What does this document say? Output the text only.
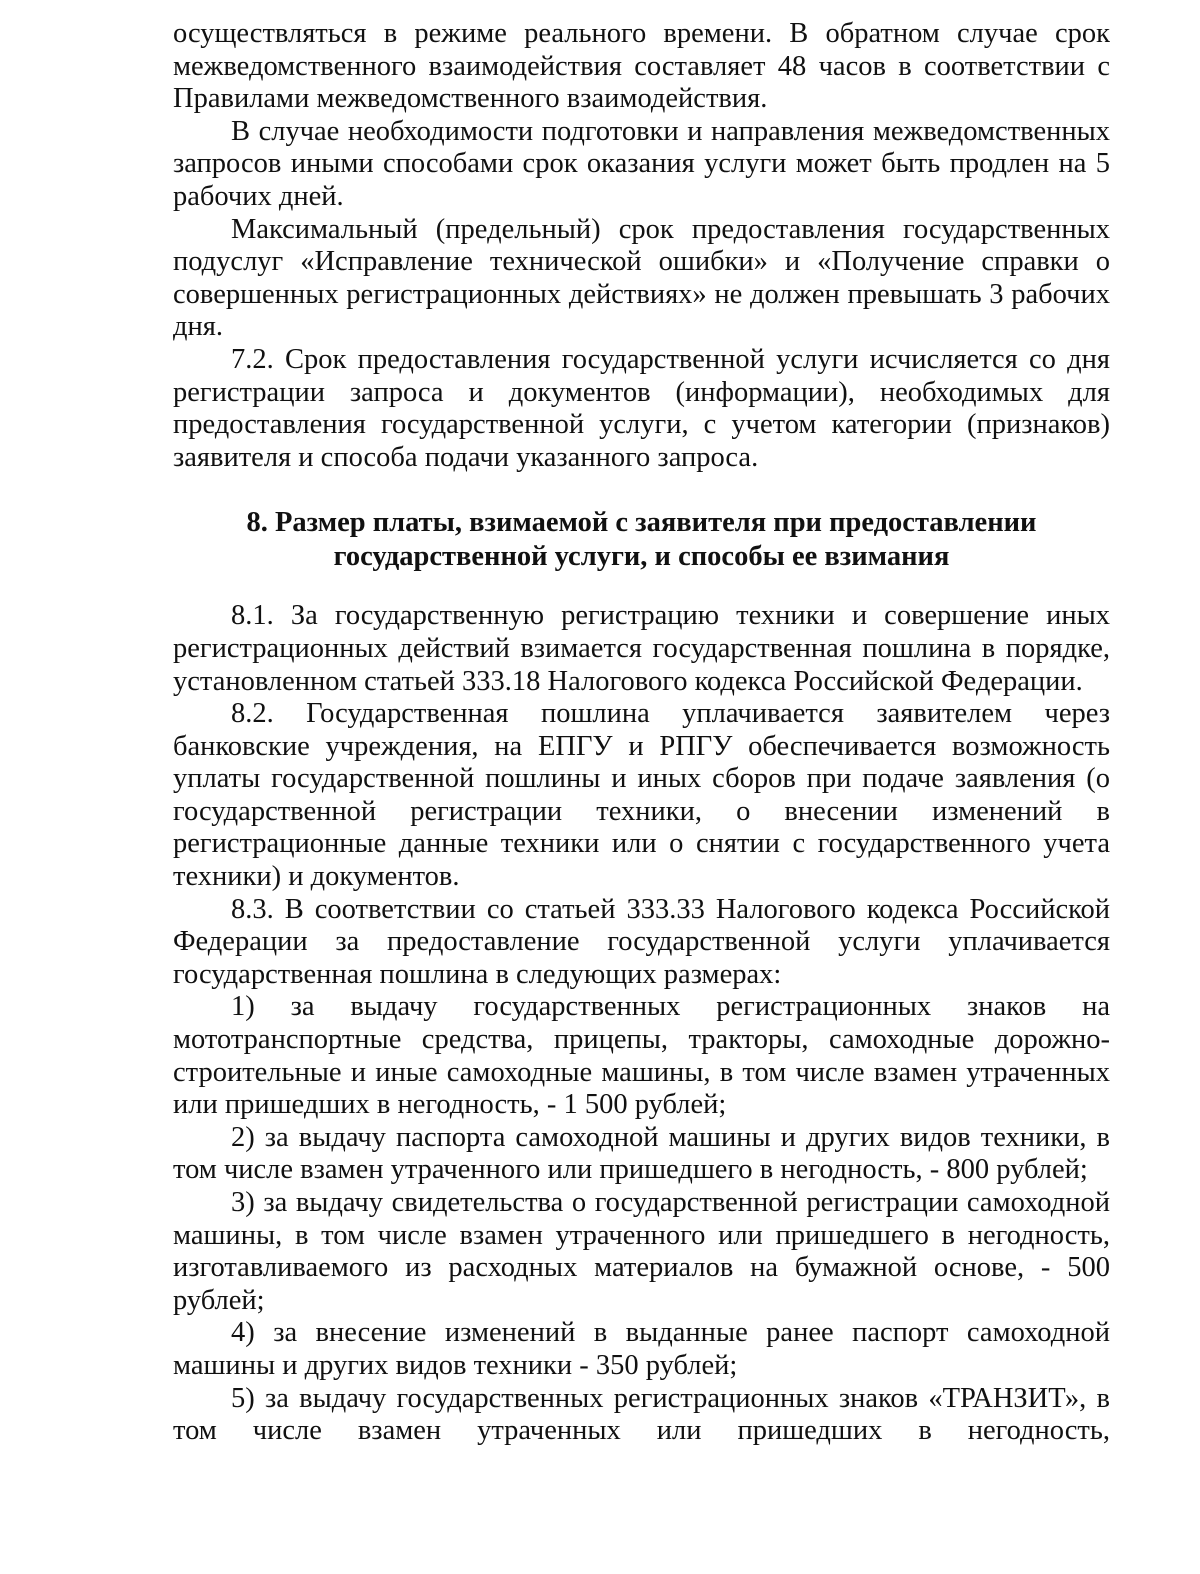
осуществляться в режиме реального времени. В обратном случае срок межведомственного взаимодействия составляет 48 часов в соответствии с Правилами межведомственного взаимодействия.

В случае необходимости подготовки и направления межведомственных запросов иными способами срок оказания услуги может быть продлен на 5 рабочих дней.

Максимальный (предельный) срок предоставления государственных подуслуг «Исправление технической ошибки» и «Получение справки о совершенных регистрационных действиях» не должен превышать 3 рабочих дня.

7.2. Срок предоставления государственной услуги исчисляется со дня регистрации запроса и документов (информации), необходимых для предоставления государственной услуги, с учетом категории (признаков) заявителя и способа подачи указанного запроса.

8. Размер платы, взимаемой с заявителя при предоставлении государственной услуги, и способы ее взимания

8.1. За государственную регистрацию техники и совершение иных регистрационных действий взимается государственная пошлина в порядке, установленном статьей 333.18 Налогового кодекса Российской Федерации.

8.2. Государственная пошлина уплачивается заявителем через банковские учреждения, на ЕПГУ и РПГУ обеспечивается возможность уплаты государственной пошлины и иных сборов при подаче заявления (о государственной регистрации техники, о внесении изменений в регистрационные данные техники или о снятии с государственного учета техники) и документов.

8.3. В соответствии со статьей 333.33 Налогового кодекса Российской Федерации за предоставление государственной услуги уплачивается государственная пошлина в следующих размерах:

1) за выдачу государственных регистрационных знаков на мототранспортные средства, прицепы, тракторы, самоходные дорожно-строительные и иные самоходные машины, в том числе взамен утраченных или пришедших в негодность, - 1 500 рублей;

2) за выдачу паспорта самоходной машины и других видов техники, в том числе взамен утраченного или пришедшего в негодность, - 800 рублей;

3) за выдачу свидетельства о государственной регистрации самоходной машины, в том числе взамен утраченного или пришедшего в негодность, изготавливаемого из расходных материалов на бумажной основе, - 500 рублей;

4) за внесение изменений в выданные ранее паспорт самоходной машины и других видов техники - 350 рублей;

5) за выдачу государственных регистрационных знаков «ТРАНЗИТ», в том числе взамен утраченных или пришедших в негодность,
